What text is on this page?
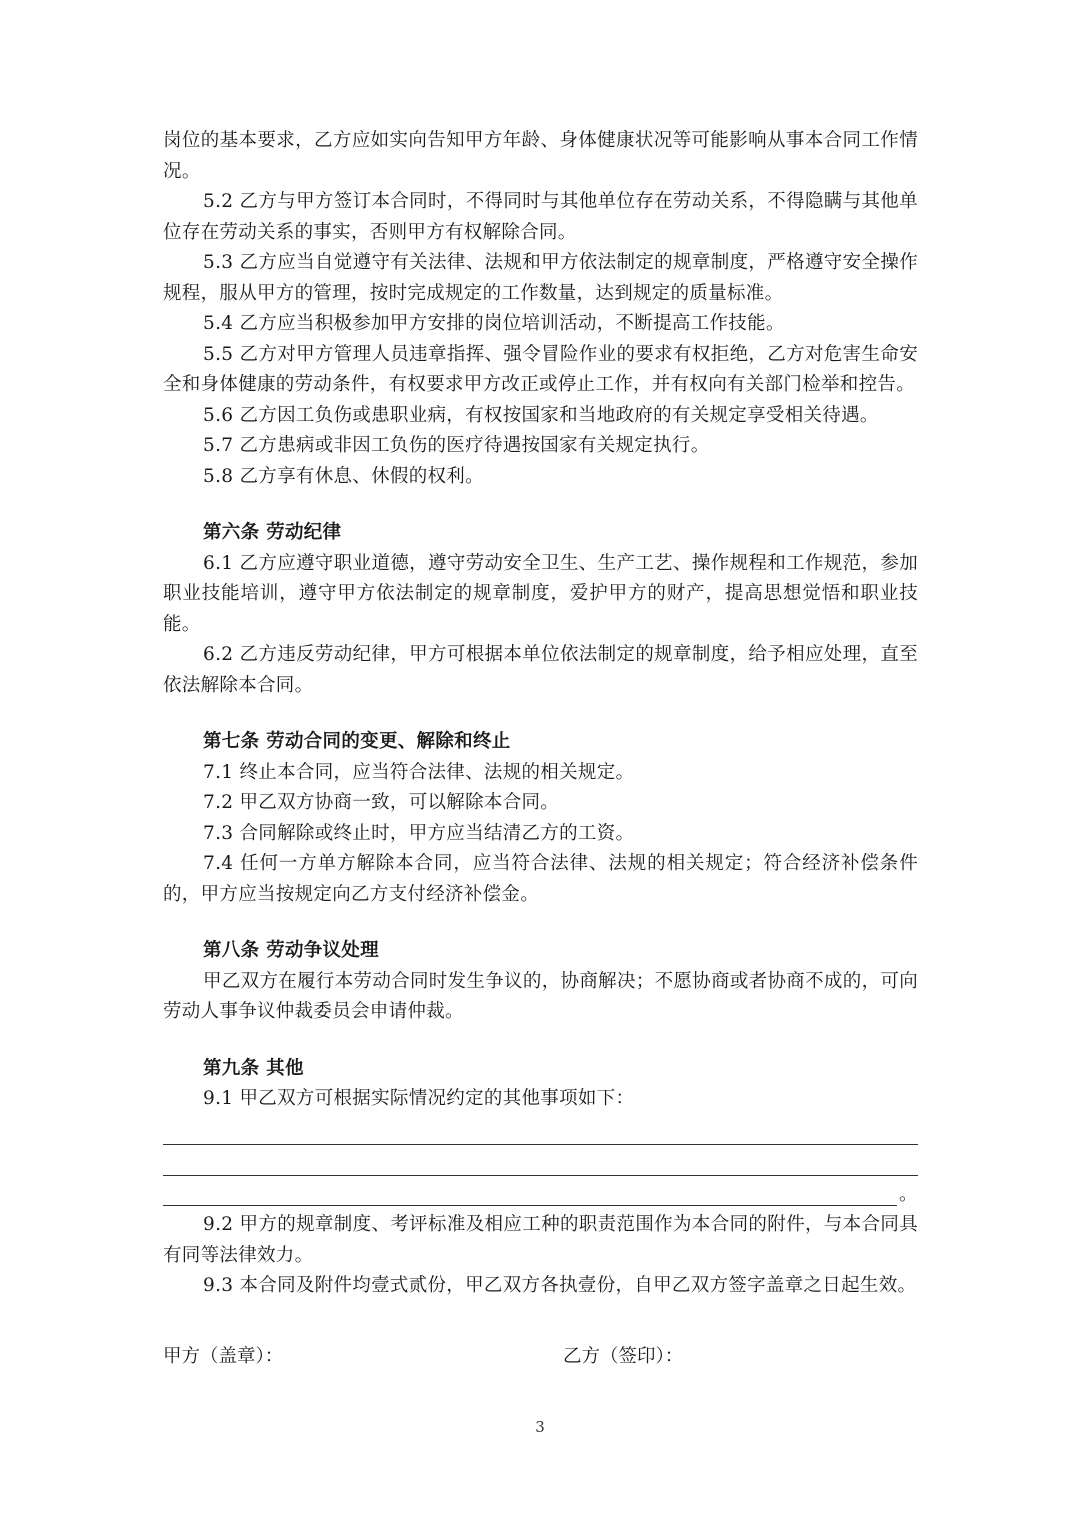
岗位的基本要求，乙方应如实向告知甲方年龄、身体健康状况等可能影响从事本合同工作情况。

5.2 乙方与甲方签订本合同时，不得同时与其他单位存在劳动关系，不得隐瞒与其他单位存在劳动关系的事实，否则甲方有权解除合同。

5.3 乙方应当自觉遵守有关法律、法规和甲方依法制定的规章制度，严格遵守安全操作规程，服从甲方的管理，按时完成规定的工作数量，达到规定的质量标准。

5.4 乙方应当积极参加甲方安排的岗位培训活动，不断提高工作技能。

5.5 乙方对甲方管理人员违章指挥、强令冒险作业的要求有权拒绝，乙方对危害生命安全和身体健康的劳动条件，有权要求甲方改正或停止工作，并有权向有关部门检举和控告。

5.6 乙方因工负伤或患职业病，有权按国家和当地政府的有关规定享受相关待遇。

5.7 乙方患病或非因工负伤的医疗待遇按国家有关规定执行。

5.8 乙方享有休息、休假的权利。

第六条 劳动纪律

6.1 乙方应遵守职业道德，遵守劳动安全卫生、生产工艺、操作规程和工作规范，参加职业技能培训，遵守甲方依法制定的规章制度，爱护甲方的财产，提高思想觉悟和职业技能。

6.2 乙方违反劳动纪律，甲方可根据本单位依法制定的规章制度，给予相应处理，直至依法解除本合同。

第七条 劳动合同的变更、解除和终止

7.1 终止本合同，应当符合法律、法规的相关规定。

7.2 甲乙双方协商一致，可以解除本合同。

7.3 合同解除或终止时，甲方应当结清乙方的工资。

7.4 任何一方单方解除本合同，应当符合法律、法规的相关规定；符合经济补偿条件的，甲方应当按规定向乙方支付经济补偿金。

第八条 劳动争议处理

甲乙双方在履行本劳动合同时发生争议的，协商解决；不愿协商或者协商不成的，可向劳动人事争议仲裁委员会申请仲裁。

第九条 其他

9.1 甲乙双方可根据实际情况约定的其他事项如下：

。

9.2 甲方的规章制度、考评标准及相应工种的职责范围作为本合同的附件，与本合同具有同等法律效力。

9.3 本合同及附件均壹式贰份，甲乙双方各执壹份，自甲乙双方签字盖章之日起生效。

甲方（盖章）：	乙方（签印）：
3
